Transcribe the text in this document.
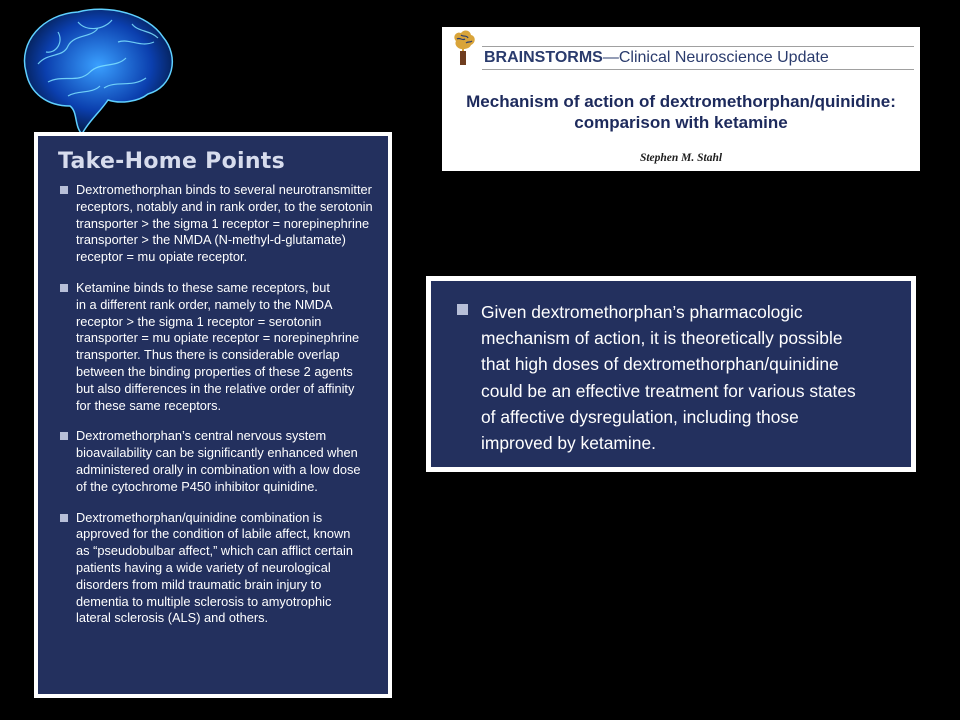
Take-Home Points
Dextromethorphan binds to several neurotransmitter
receptors, notably and in rank order, to the serotonin
transporter > the sigma 1 receptor = norepinephrine
transporter > the NMDA (N-methyl-d-glutamate)
receptor = mu opiate receptor.
Ketamine binds to these same receptors, but
in a different rank order, namely to the NMDA
receptor > the sigma 1 receptor = serotonin
transporter = mu opiate receptor = norepinephrine
transporter. Thus there is considerable overlap
between the binding properties of these 2 agents
but also differences in the relative order of affinity
for these same receptors.
Dextromethorphan’s central nervous system
bioavailability can be significantly enhanced when
administered orally in combination with a low dose
of the cytochrome P450 inhibitor quinidine.
Dextromethorphan/quinidine combination is
approved for the condition of labile affect, known
as “pseudobulbar affect,” which can afflict certain
patients having a wide variety of neurological
disorders from mild traumatic brain injury to
dementia to multiple sclerosis to amyotrophic
lateral sclerosis (ALS) and others.
BRAINSTORMS—Clinical Neuroscience Update
Mechanism of action of dextromethorphan/quinidine:
comparison with ketamine
Stephen M. Stahl
Given dextromethorphan’s pharmacologic
mechanism of action, it is theoretically possible
that high doses of dextromethorphan/quinidine
could be an effective treatment for various states
of affective dysregulation, including those
improved by ketamine.
